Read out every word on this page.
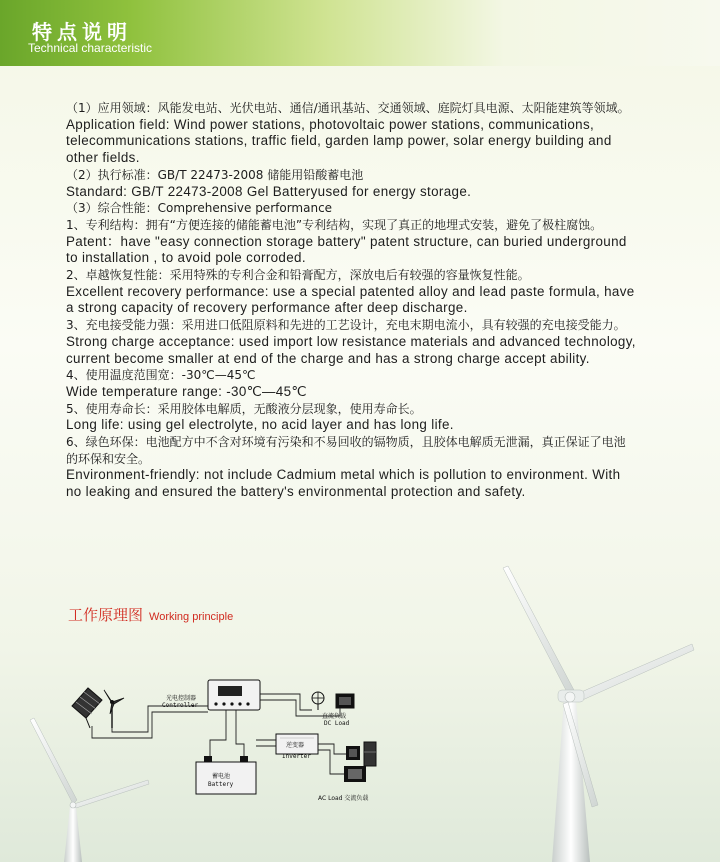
特点说明
Technical characteristic

（1）应用领域：风能发电站、光伏电站、通信/通讯基站、交通领域、庭院灯具电源、太阳能建筑等领域。

Application field: Wind power stations, photovoltaic power stations, communications, telecommunications stations, traffic field, garden lamp power, solar energy building and other fields.

（2）执行标准：GB/T 22473-2008 储能用铅酸蓄电池

Standard: GB/T 22473-2008 Gel Batteryused for energy storage.

（3）综合性能：Comprehensive performance

1、专利结构：拥有“方便连接的储能蓄电池”专利结构，实现了真正的地埋式安装，避免了极柱腐蚀。

Patent：have "easy connection storage battery" patent structure, can buried underground to installation , to avoid pole corroded.

2、卓越恢复性能：采用特殊的专利合金和铅膏配方，深放电后有较强的容量恢复性能。

Excellent recovery performance: use a special patented alloy and lead paste formula, have a strong capacity of recovery performance after deep discharge.

3、充电接受能力强：采用进口低阻原料和先进的工艺设计，充电末期电流小，具有较强的充电接受能力。

Strong charge acceptance: used import low resistance materials and advanced technology, current become smaller at end of the charge and has a strong charge accept ability.

4、使用温度范围宽：-30℃—45℃

Wide temperature range: -30℃—45℃

5、使用寿命长：采用胶体电解质，无酸液分层现象，使用寿命长。

Long life: using gel electrolyte, no acid layer and has long life.

6、绿色环保：电池配方中不含对环境有污染和不易回收的镉物质，且胶体电解质无泄漏，真正保证了电池的环保和安全。

Environment-friendly: not include Cadmium metal which is pollution to environment. With no leaking and ensured the battery's environmental protection and safety.

工作原理图 Working principle
光电控制器
Controller
直流负载
DC Load
逆变器
Inverter
蓄电池
Battery
AC Load 交流负载
